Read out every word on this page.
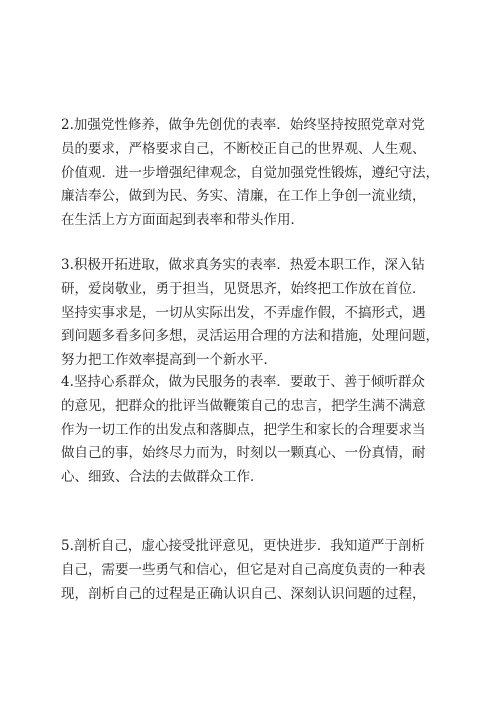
2.加强党性修养，做争先创优的表率．始终坚持按照党章对党
员的要求，严格要求自己，不断校正自己的世界观、人生观、
价值观．进一步增强纪律观念，自觉加强党性锻炼，遵纪守法，
廉洁奉公，做到为民、务实、清廉，在工作上争创一流业绩，
在生活上方方面面起到表率和带头作用．
3.积极开拓进取，做求真务实的表率．热爱本职工作，深入钻
研，爱岗敬业，勇于担当，见贤思齐，始终把工作放在首位．
坚持实事求是，一切从实际出发，不弄虚作假，不搞形式，遇
到问题多看多问多想，灵活运用合理的方法和措施，处理问题，
努力把工作效率提高到一个新水平．
4.坚持心系群众，做为民服务的表率．要敢于、善于倾听群众
的意见，把群众的批评当做鞭策自己的忠言，把学生满不满意
作为一切工作的出发点和落脚点，把学生和家长的合理要求当
做自己的事，始终尽力而为，时刻以一颗真心、一份真情，耐
心、细致、合法的去做群众工作．
5.剖析自己，虚心接受批评意见，更快进步．我知道严于剖析
自己，需要一些勇气和信心，但它是对自己高度负责的一种表
现，剖析自己的过程是正确认识自己、深刻认识问题的过程，
